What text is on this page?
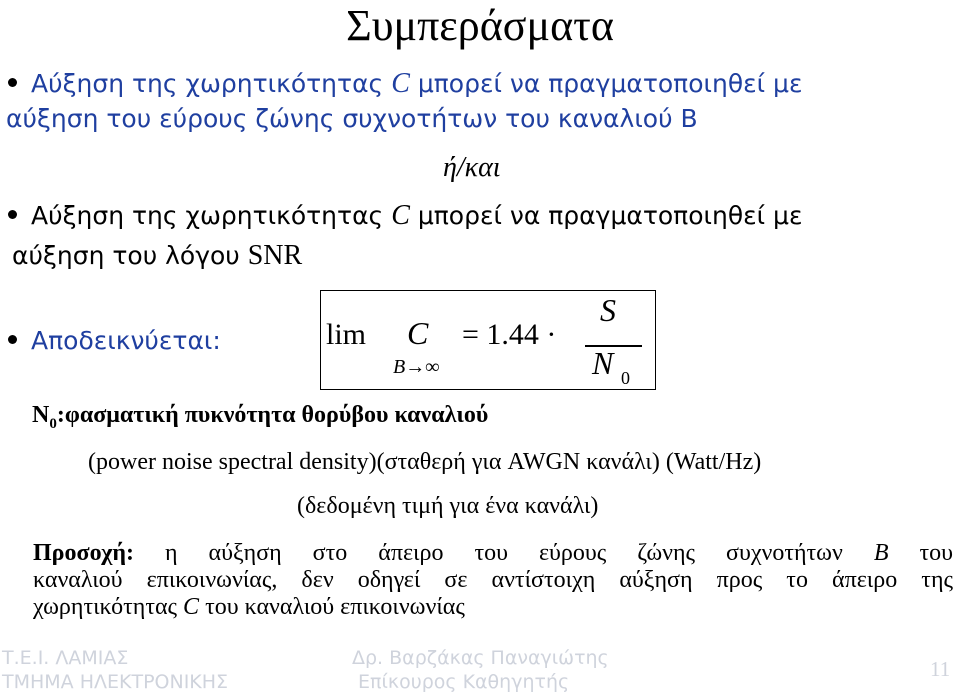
Συμπεράσματα
Αύξηση της χωρητικότητας C μπορεί να πραγματοποιηθεί με
αύξηση του εύρους ζώνης συχνοτήτων του καναλιού B
ή/και
Αύξηση της χωρητικότητας C μπορεί να πραγματοποιηθεί με
αύξηση του λόγου SNR
Αποδεικνύεται:	lim C
B→∞
= 1.44 ·
S
N 0
$N_0:\varphi\alpha\sigma\mu\alpha\tau\iota\kappa ή$ πυκνότητα θορύβου καναλιού
(power noise spectral density)(σταθερή για AWGN κανάλι) (Watt/Hz)
(δεδομένη τιμή για ένα κανάλι)
Προσοχή: η αύξηση στο άπειρο του εύρους ζώνης συχνοτήτων B του
καναλιού επικοινωνίας, δεν οδηγεί σε αντίστοιχη αύξηση προς το άπειρο της
χωρητικότητας C του καναλιού επικοινωνίας
Τ.Ε.Ι. ΛΑΜΙΑΣ
ΤΜΗΜΑ ΗΛΕΚΤΡΟΝΙΚΗΣ
Δρ. Βαρζάκας Παναγιώτης
Επίκουρος Καθηγητής
11
